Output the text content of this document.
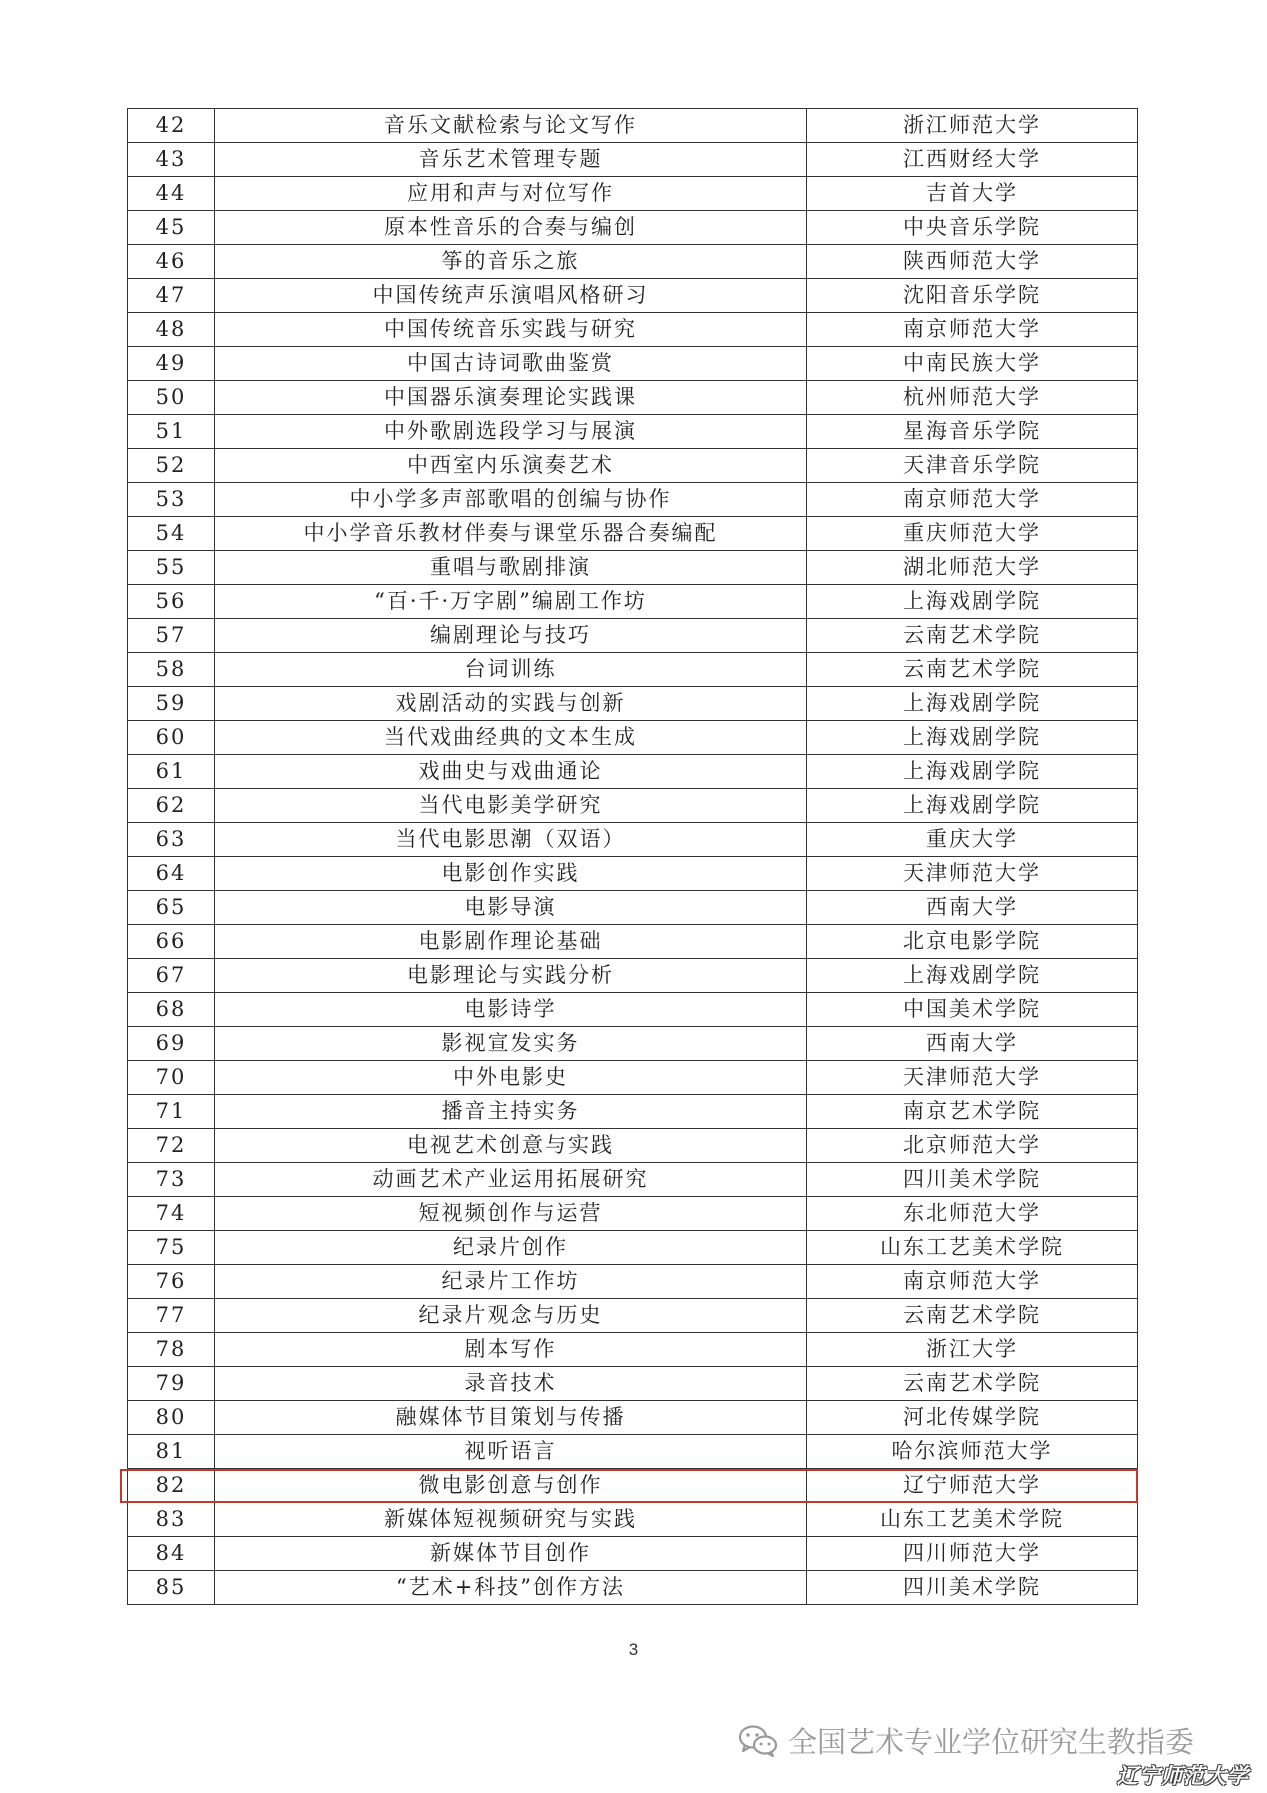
42	音乐文献检索与论文写作	浙江师范大学
43	音乐艺术管理专题	江西财经大学
44	应用和声与对位写作	吉首大学
45	原本性音乐的合奏与编创	中央音乐学院
46	筝的音乐之旅	陕西师范大学
47	中国传统声乐演唱风格研习	沈阳音乐学院
48	中国传统音乐实践与研究	南京师范大学
49	中国古诗词歌曲鉴赏	中南民族大学
50	中国器乐演奏理论实践课	杭州师范大学
51	中外歌剧选段学习与展演	星海音乐学院
52	中西室内乐演奏艺术	天津音乐学院
53	中小学多声部歌唱的创编与协作	南京师范大学
54	中小学音乐教材伴奏与课堂乐器合奏编配	重庆师范大学
55	重唱与歌剧排演	湖北师范大学
56	“百·千·万字剧”编剧工作坊	上海戏剧学院
57	编剧理论与技巧	云南艺术学院
58	台词训练	云南艺术学院
59	戏剧活动的实践与创新	上海戏剧学院
60	当代戏曲经典的文本生成	上海戏剧学院
61	戏曲史与戏曲通论	上海戏剧学院
62	当代电影美学研究	上海戏剧学院
63	当代电影思潮（双语）	重庆大学
64	电影创作实践	天津师范大学
65	电影导演	西南大学
66	电影剧作理论基础	北京电影学院
67	电影理论与实践分析	上海戏剧学院
68	电影诗学	中国美术学院
69	影视宣发实务	西南大学
70	中外电影史	天津师范大学
71	播音主持实务	南京艺术学院
72	电视艺术创意与实践	北京师范大学
73	动画艺术产业运用拓展研究	四川美术学院
74	短视频创作与运营	东北师范大学
75	纪录片创作	山东工艺美术学院
76	纪录片工作坊	南京师范大学
77	纪录片观念与历史	云南艺术学院
78	剧本写作	浙江大学
79	录音技术	云南艺术学院
80	融媒体节目策划与传播	河北传媒学院
81	视听语言	哈尔滨师范大学
82	微电影创意与创作	辽宁师范大学
83	新媒体短视频研究与实践	山东工艺美术学院
84	新媒体节目创作	四川师范大学
85	“艺术+科技”创作方法	四川美术学院
3
全国艺术专业学位研究生教指委
辽宁师范大学
